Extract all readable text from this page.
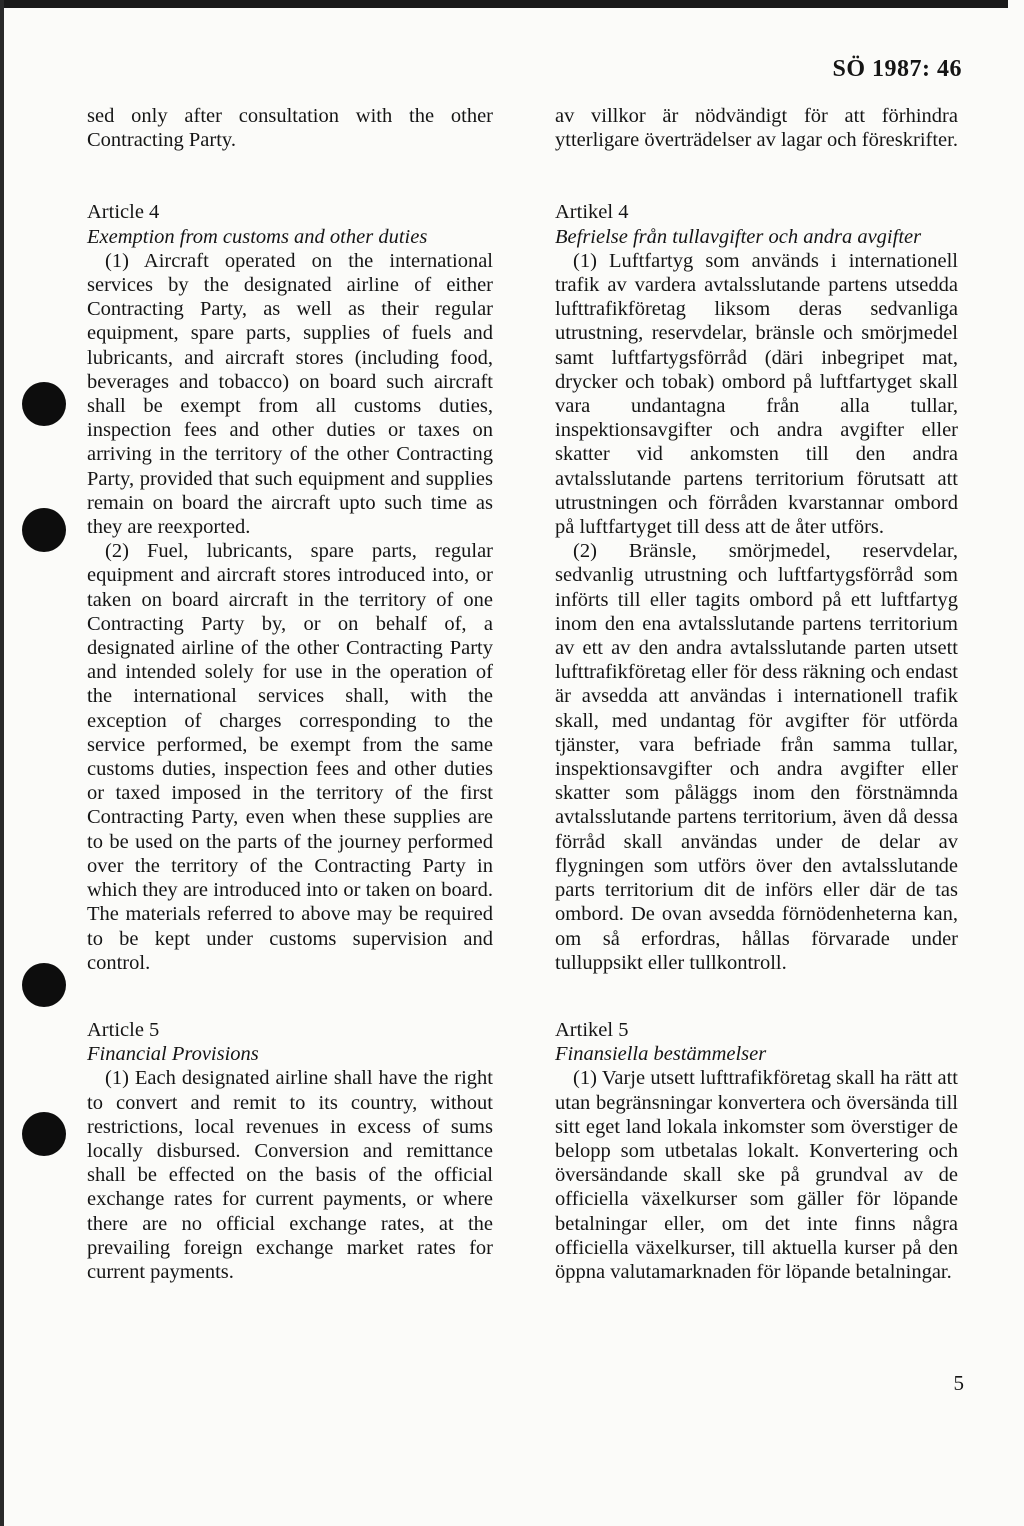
SÖ 1987: 46

sed only after consultation with the other Contracting Party.

Article 4
Exemption from customs and other duties

(1) Aircraft operated on the international services by the designated airline of either Contracting Party, as well as their regular equipment, spare parts, supplies of fuels and lubricants, and aircraft stores (including food, beverages and tobacco) on board such aircraft shall be exempt from all customs duties, inspection fees and other duties or taxes on arriving in the territory of the other Contracting Party, provided that such equipment and supplies remain on board the aircraft upto such time as they are reexported.

(2) Fuel, lubricants, spare parts, regular equipment and aircraft stores introduced into, or taken on board aircraft in the territory of one Contracting Party by, or on behalf of, a designated airline of the other Contracting Party and intended solely for use in the operation of the international services shall, with the exception of charges corresponding to the service performed, be exempt from the same customs duties, inspection fees and other duties or taxed imposed in the territory of the first Contracting Party, even when these supplies are to be used on the parts of the journey performed over the territory of the Contracting Party in which they are introduced into or taken on board. The materials referred to above may be required to be kept under customs supervision and control.

Article 5
Financial Provisions

(1) Each designated airline shall have the right to convert and remit to its country, without restrictions, local revenues in excess of sums locally disbursed. Conversion and remittance shall be effected on the basis of the official exchange rates for current payments, or where there are no official exchange rates, at the prevailing foreign exchange market rates for current payments.

av villkor är nödvändigt för att förhindra ytterligare överträdelser av lagar och föreskrifter.

Artikel 4
Befrielse från tullavgifter och andra avgifter

(1) Luftfartyg som används i internationell trafik av vardera avtalsslutande partens utsedda lufttrafikföretag liksom deras sedvanliga utrustning, reservdelar, bränsle och smörjmedel samt luftfartygsförråd (däri inbegripet mat, drycker och tobak) ombord på luftfartyget skall vara undantagna från alla tullar, inspektionsavgifter och andra avgifter eller skatter vid ankomsten till den andra avtalsslutande partens territorium förutsatt att utrustningen och förråden kvarstannar ombord på luftfartyget till dess att de åter utförs.

(2) Bränsle, smörjmedel, reservdelar, sedvanlig utrustning och luftfartygsförråd som införts till eller tagits ombord på ett luftfartyg inom den ena avtalsslutande partens territorium av ett av den andra avtalsslutande parten utsett lufttrafikföretag eller för dess räkning och endast är avsedda att användas i internationell trafik skall, med undantag för avgifter för utförda tjänster, vara befriade från samma tullar, inspektionsavgifter och andra avgifter eller skatter som påläggs inom den förstnämnda avtalsslutande partens territorium, även då dessa förråd skall användas under de delar av flygningen som utförs över den avtalsslutande parts territorium dit de införs eller där de tas ombord. De ovan avsedda förnödenheterna kan, om så erfordras, hållas förvarade under tulluppsikt eller tullkontroll.

Artikel 5
Finansiella bestämmelser

(1) Varje utsett lufttrafikföretag skall ha rätt att utan begränsningar konvertera och översända till sitt eget land lokala inkomster som överstiger de belopp som utbetalas lokalt. Konvertering och översändande skall ske på grundval av de officiella växelkurser som gäller för löpande betalningar eller, om det inte finns några officiella växelkurser, till aktuella kurser på den öppna valutamarknaden för löpande betalningar.

5
